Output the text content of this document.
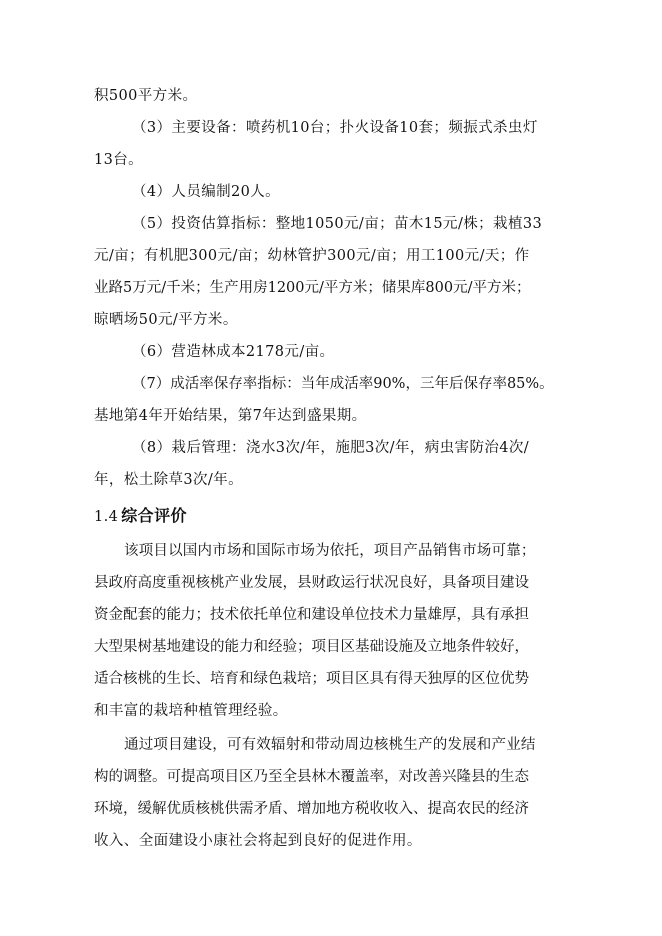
积500平方米。
（3）主要设备：喷药机10台；扑火设备10套；频振式杀虫灯
13台。
（4）人员编制20人。
（5）投资估算指标：整地1050元/亩；苗木15元/株；栽植33
元/亩；有机肥300元/亩；幼林管护300元/亩；用工100元/天；作
业路5万元/千米；生产用房1200元/平方米；储果库800元/平方米；
晾晒场50元/平方米。
（6）营造林成本2178元/亩。
（7）成活率保存率指标：当年成活率90%，三年后保存率85%。
基地第4年开始结果，第7年达到盛果期。
（8）栽后管理：浇水3次/年，施肥3次/年，病虫害防治4次/
年，松土除草3次/年。
1.4 综合评价
该项目以国内市场和国际市场为依托，项目产品销售市场可靠；
县政府高度重视核桃产业发展，县财政运行状况良好，具备项目建设
资金配套的能力；技术依托单位和建设单位技术力量雄厚，具有承担
大型果树基地建设的能力和经验；项目区基础设施及立地条件较好，
适合核桃的生长、培育和绿色栽培；项目区具有得天独厚的区位优势
和丰富的栽培种植管理经验。
通过项目建设，可有效辐射和带动周边核桃生产的发展和产业结
构的调整。可提高项目区乃至全县林木覆盖率，对改善兴隆县的生态
环境，缓解优质核桃供需矛盾、增加地方税收收入、提高农民的经济
收入、全面建设小康社会将起到良好的促进作用。
